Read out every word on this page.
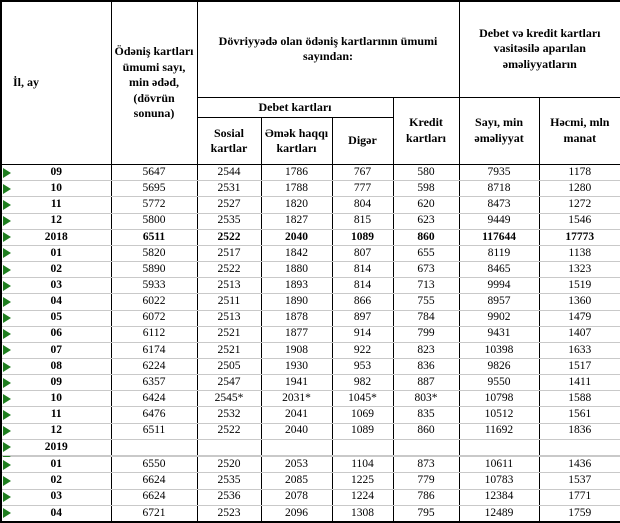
İl, ay	Ödəniş kartları ümumi sayı, min ədəd, (dövrün sonuna)	Dövriyyədə olan ödəniş kartlarının ümumi sayından:				Debet və kredit kartları vasitəsilə aparılan əməliyyatların	
		Debet kartları			Kredit kartları	Sayı, min əməliyyat	Həcmi, mln manat
		Sosial kartlar	Əmək haqqı kartları	Digər			

09	5647	2544	1786	767	580	7935	1178

10	5695	2531	1788	777	598	8718	1280

11	5772	2527	1820	804	620	8473	1272

12	5800	2535	1827	815	623	9449	1546

2018	6511	2522	2040	1089	860	117644	17773

01	5820	2517	1842	807	655	8119	1138

02	5890	2522	1880	814	673	8465	1323

03	5933	2513	1893	814	713	9994	1519

04	6022	2511	1890	866	755	8957	1360

05	6072	2513	1878	897	784	9902	1479

06	6112	2521	1877	914	799	9431	1407

07	6174	2521	1908	922	823	10398	1633

08	6224	2505	1930	953	836	9826	1517

09	6357	2547	1941	982	887	9550	1411

10	6424	2545*	2031*	1045*	803*	10798	1588

11	6476	2532	2041	1069	835	10512	1561

12	6511	2522	2040	1089	860	11692	1836

2019							

01	6550	2520	2053	1104	873	10611	1436

02	6624	2535	2085	1225	779	10783	1537

03	6624	2536	2078	1224	786	12384	1771

04	6721	2523	2096	1308	795	12489	1759
